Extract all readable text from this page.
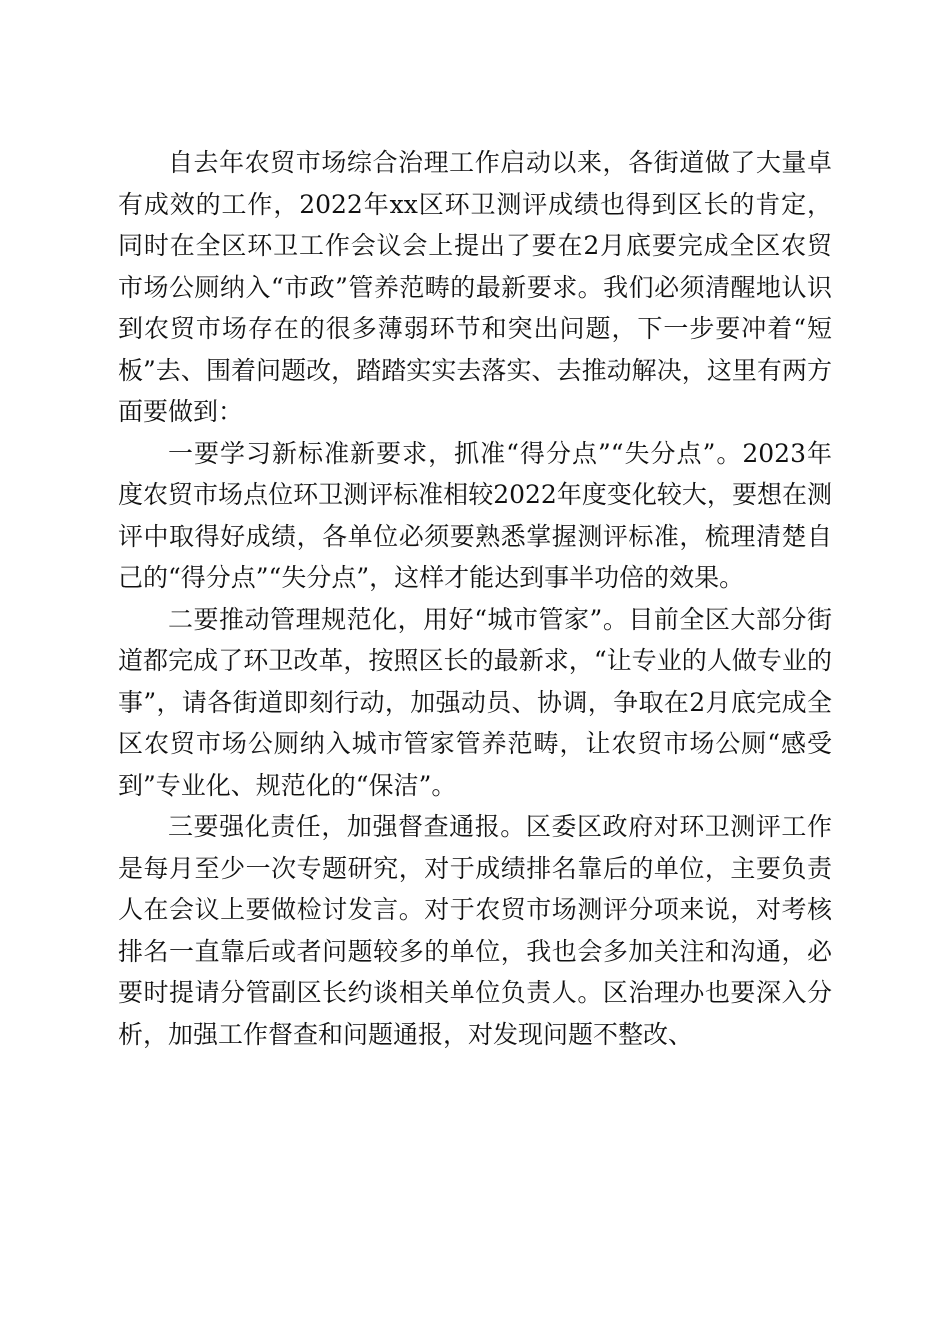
自去年农贸市场综合治理工作启动以来，各街道做了大量卓有成效的工作，2022年xx区环卫测评成绩也得到区长的肯定，同时在全区环卫工作会议会上提出了要在2月底要完成全区农贸市场公厕纳入“市政”管养范畴的最新要求。我们必须清醒地认识到农贸市场存在的很多薄弱环节和突出问题，下一步要冲着“短板”去、围着问题改，踏踏实实去落实、去推动解决，这里有两方面要做到：

一要学习新标准新要求，抓准“得分点”“失分点”。2023年度农贸市场点位环卫测评标准相较2022年度变化较大，要想在测评中取得好成绩，各单位必须要熟悉掌握测评标准，梳理清楚自己的“得分点”“失分点”，这样才能达到事半功倍的效果。

二要推动管理规范化，用好“城市管家”。目前全区大部分街道都完成了环卫改革，按照区长的最新求，“让专业的人做专业的事”，请各街道即刻行动，加强动员、协调，争取在2月底完成全区农贸市场公厕纳入城市管家管养范畴，让农贸市场公厕“感受到”专业化、规范化的“保洁”。

三要强化责任，加强督查通报。区委区政府对环卫测评工作是每月至少一次专题研究，对于成绩排名靠后的单位，主要负责人在会议上要做检讨发言。对于农贸市场测评分项来说，对考核排名一直靠后或者问题较多的单位，我也会多加关注和沟通，必要时提请分管副区长约谈相关单位负责人。区治理办也要深入分析，加强工作督查和问题通报，对发现问题不整改、
